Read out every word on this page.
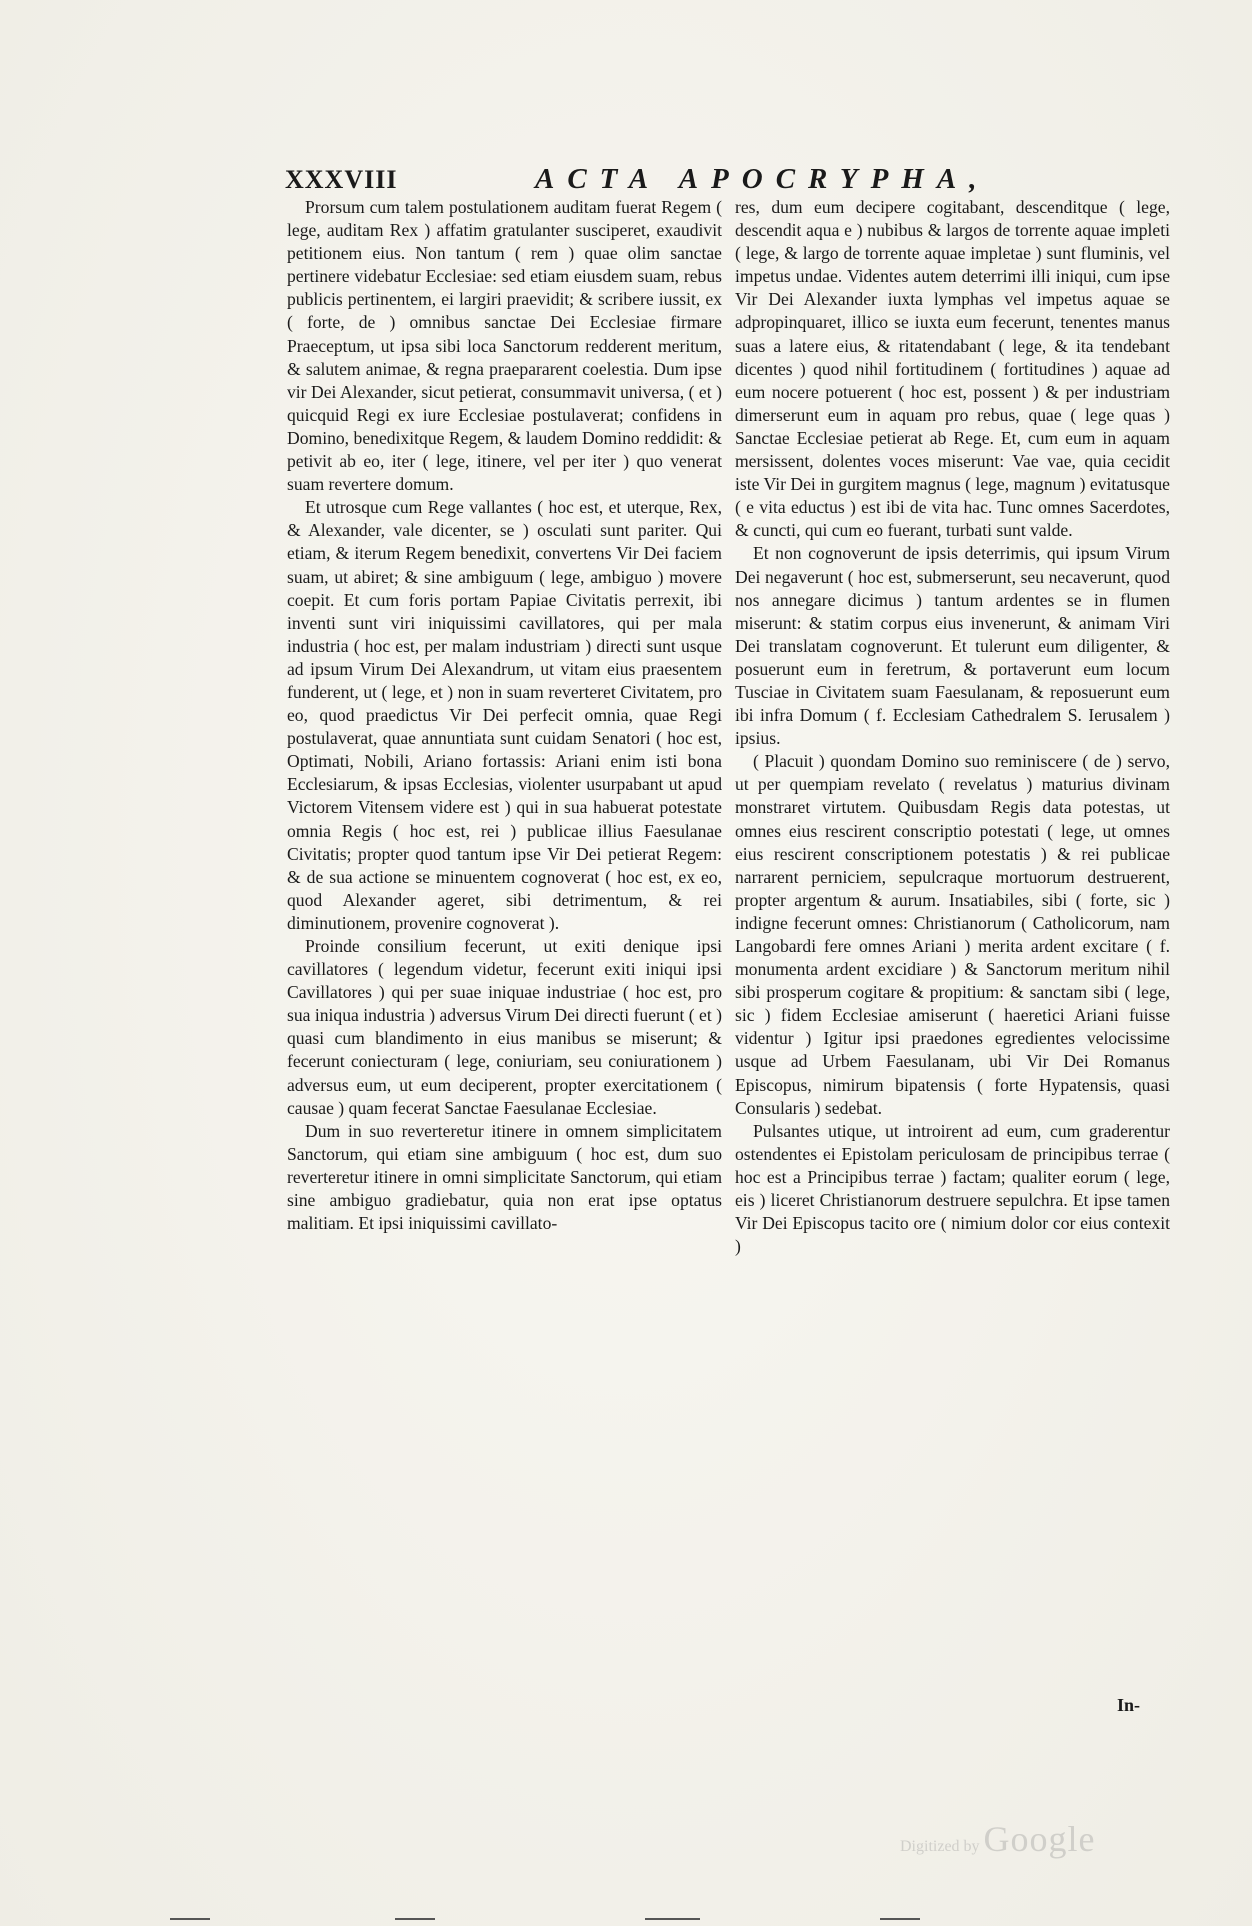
XXXVIII	ACTA APOCRYPHA,

Prorsum cum talem postulationem auditam fuerat Regem ( lege, auditam Rex ) affatim gratulanter susciperet, exaudivit petitionem eius. Non tantum ( rem ) quae olim sanctae pertinere videbatur Ecclesiae: sed etiam eiusdem suam, rebus publicis pertinentem, ei largiri praevidit; & scribere iussit, ex ( forte, de ) omnibus sanctae Dei Ecclesiae firmare Praeceptum, ut ipsa sibi loca Sanctorum redderent meritum, & salutem animae, & regna praepararent coelestia. Dum ipse vir Dei Alexander, sicut petierat, consummavit universa, ( et ) quicquid Regi ex iure Ecclesiae postulaverat; confidens in Domino, benedixitque Regem, & laudem Domino reddidit: & petivit ab eo, iter ( lege, itinere, vel per iter ) quo venerat suam revertere domum.

Et utrosque cum Rege vallantes ( hoc est, et uterque, Rex, & Alexander, vale dicenter, se ) osculati sunt pariter. Qui etiam, & iterum Regem benedixit, convertens Vir Dei faciem suam, ut abiret; & sine ambiguum ( lege, ambiguo ) movere coepit. Et cum foris portam Papiae Civitatis perrexit, ibi inventi sunt viri iniquissimi cavillatores, qui per mala industria ( hoc est, per malam industriam ) directi sunt usque ad ipsum Virum Dei Alexandrum, ut vitam eius praesentem funderent, ut ( lege, et ) non in suam reverteret Civitatem, pro eo, quod praedictus Vir Dei perfecit omnia, quae Regi postulaverat, quae annuntiata sunt cuidam Senatori ( hoc est, Optimati, Nobili, Ariano fortassis: Ariani enim isti bona Ecclesiarum, & ipsas Ecclesias, violenter usurpabant ut apud Victorem Vitensem videre est ) qui in sua habuerat potestate omnia Regis ( hoc est, rei ) publicae illius Faesulanae Civitatis; propter quod tantum ipse Vir Dei petierat Regem: & de sua actione se minuentem cognoverat ( hoc est, ex eo, quod Alexander ageret, sibi detrimentum, & rei diminutionem, provenire cognoverat ).

Proinde consilium fecerunt, ut exiti denique ipsi cavillatores ( legendum videtur, fecerunt exiti iniqui ipsi Cavillatores ) qui per suae iniquae industriae ( hoc est, pro sua iniqua industria ) adversus Virum Dei directi fuerunt ( et ) quasi cum blandimento in eius manibus se miserunt; & fecerunt coniecturam ( lege, coniuriam, seu coniurationem ) adversus eum, ut eum deciperent, propter exercitationem ( causae ) quam fecerat Sanctae Faesulanae Ecclesiae.

Dum in suo reverteretur itinere in omnem simplicitatem Sanctorum, qui etiam sine ambiguum ( hoc est, dum suo reverteretur itinere in omni simplicitate Sanctorum, qui etiam sine ambiguo gradiebatur, quia non erat ipse optatus malitiam. Et ipsi iniquissimi cavillato-

res, dum eum decipere cogitabant, descenditque ( lege, descendit aqua e ) nubibus & largos de torrente aquae impleti ( lege, & largo de torrente aquae impletae ) sunt fluminis, vel impetus undae. Videntes autem deterrimi illi iniqui, cum ipse Vir Dei Alexander iuxta lymphas vel impetus aquae se adpropinquaret, illico se iuxta eum fecerunt, tenentes manus suas a latere eius, & ritatendabant ( lege, & ita tendebant dicentes ) quod nihil fortitudinem ( fortitudines ) aquae ad eum nocere potuerent ( hoc est, possent ) & per industriam dimerserunt eum in aquam pro rebus, quae ( lege quas ) Sanctae Ecclesiae petierat ab Rege. Et, cum eum in aquam mersissent, dolentes voces miserunt: Vae vae, quia cecidit iste Vir Dei in gurgitem magnus ( lege, magnum ) evitatusque ( e vita eductus ) est ibi de vita hac. Tunc omnes Sacerdotes, & cuncti, qui cum eo fuerant, turbati sunt valde.

Et non cognoverunt de ipsis deterrimis, qui ipsum Virum Dei negaverunt ( hoc est, submerserunt, seu necaverunt, quod nos annegare dicimus ) tantum ardentes se in flumen miserunt: & statim corpus eius invenerunt, & animam Viri Dei translatam cognoverunt. Et tulerunt eum diligenter, & posuerunt eum in feretrum, & portaverunt eum locum Tusciae in Civitatem suam Faesulanam, & reposuerunt eum ibi infra Domum ( f. Ecclesiam Cathedralem S. Ierusalem ) ipsius.

( Placuit ) quondam Domino suo reminiscere ( de ) servo, ut per quempiam revelato ( revelatus ) maturius divinam monstraret virtutem. Quibusdam Regis data potestas, ut omnes eius rescirent conscriptio potestati ( lege, ut omnes eius rescirent conscriptionem potestatis ) & rei publicae narrarent perniciem, sepulcraque mortuorum destruerent, propter argentum & aurum. Insatiabiles, sibi ( forte, sic ) indigne fecerunt omnes: Christianorum ( Catholicorum, nam Langobardi fere omnes Ariani ) merita ardent excitare ( f. monumenta ardent excidiare ) & Sanctorum meritum nihil sibi prosperum cogitare & propitium: & sanctam sibi ( lege, sic ) fidem Ecclesiae amiserunt ( haeretici Ariani fuisse videntur ) Igitur ipsi praedones egredientes velocissime usque ad Urbem Faesulanam, ubi Vir Dei Romanus Episcopus, nimirum bipatensis ( forte Hypatensis, quasi Consularis ) sedebat.

Pulsantes utique, ut introirent ad eum, cum graderentur ostendentes ei Epistolam periculosam de principibus terrae ( hoc est a Principibus terrae ) factam; qualiter eorum ( lege, eis ) liceret Christianorum destruere sepulchra. Et ipse tamen Vir Dei Episcopus tacito ore ( nimium dolor cor eius contexit )

In-
Digitized by Google
